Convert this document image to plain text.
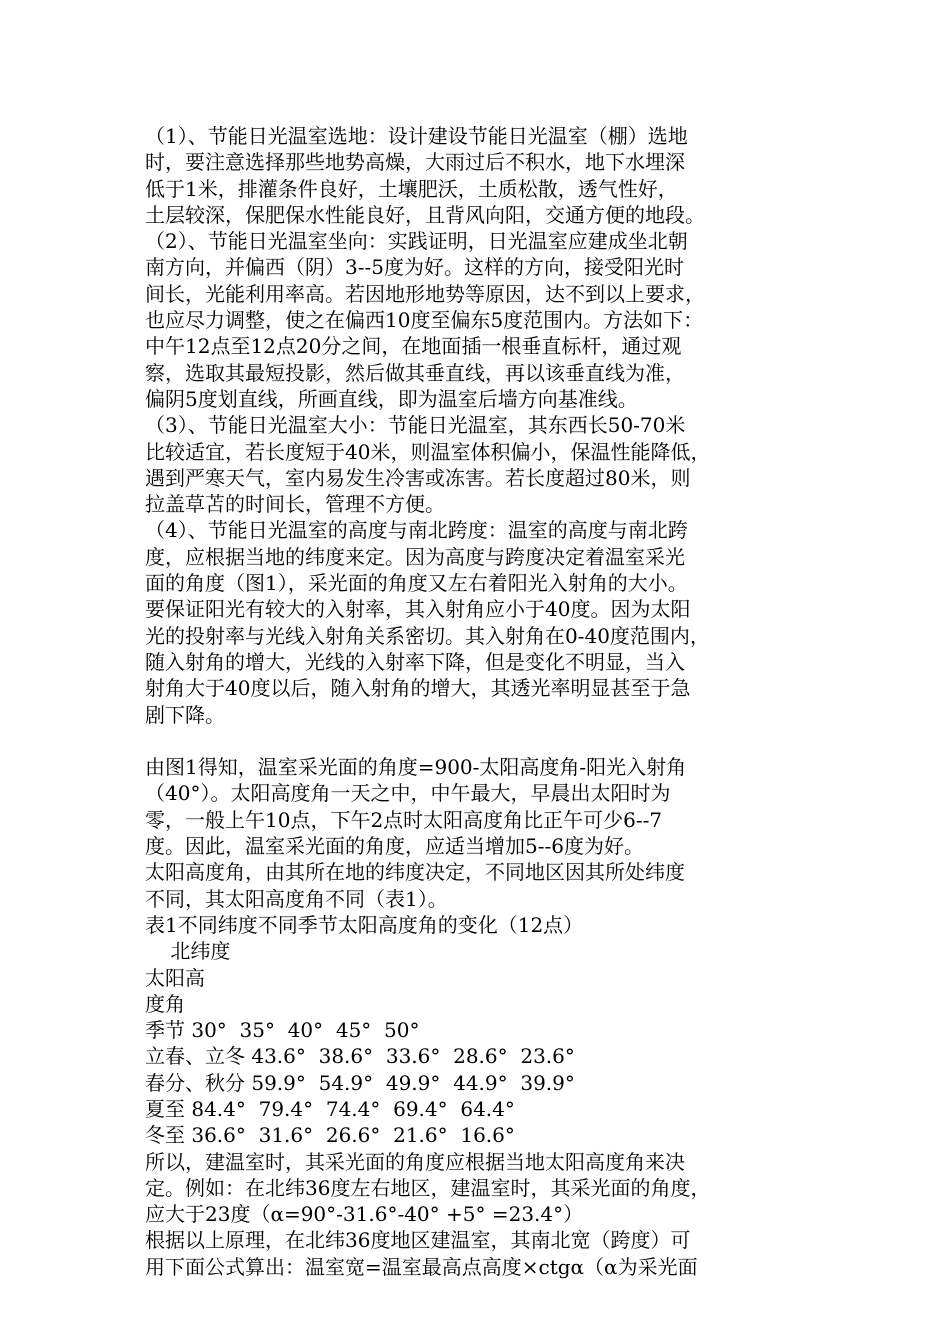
（1）、节能日光温室选地：设计建设节能日光温室（棚）选地
时，要注意选择那些地势高燥，大雨过后不积水，地下水埋深
低于1米，排灌条件良好，土壤肥沃，土质松散，透气性好，
土层较深，保肥保水性能良好，且背风向阳，交通方便的地段。
（2）、节能日光温室坐向：实践证明，日光温室应建成坐北朝
南方向，并偏西（阴）3--5度为好。这样的方向，接受阳光时
间长，光能利用率高。若因地形地势等原因，达不到以上要求，
也应尽力调整，使之在偏西10度至偏东5度范围内。方法如下：
中午12点至12点20分之间，在地面插一根垂直标杆，通过观
察，选取其最短投影，然后做其垂直线，再以该垂直线为准，
偏阴5度划直线，所画直线，即为温室后墙方向基准线。
（3）、节能日光温室大小：节能日光温室，其东西长50-70米
比较适宜，若长度短于40米，则温室体积偏小，保温性能降低，
遇到严寒天气，室内易发生冷害或冻害。若长度超过80米，则
拉盖草苫的时间长，管理不方便。
（4）、节能日光温室的高度与南北跨度：温室的高度与南北跨
度，应根据当地的纬度来定。因为高度与跨度决定着温室采光
面的角度（图1），采光面的角度又左右着阳光入射角的大小。
要保证阳光有较大的入射率，其入射角应小于40度。因为太阳
光的投射率与光线入射角关系密切。其入射角在0-40度范围内，
随入射角的增大，光线的入射率下降，但是变化不明显，当入
射角大于40度以后，随入射角的增大，其透光率明显甚至于急
剧下降。
由图1得知，温室采光面的角度=900-太阳高度角-阳光入射角
（40°）。太阳高度角一天之中，中午最大，早晨出太阳时为
零，一般上午10点，下午2点时太阳高度角比正午可少6--7
度。因此，温室采光面的角度，应适当增加5--6度为好。
太阳高度角，由其所在地的纬度决定，不同地区因其所处纬度
不同，其太阳高度角不同（表1）。
表1不同纬度不同季节太阳高度角的变化（12点）
北纬度
太阳高
度角
季节 30°  35°  40°  45°  50°
立春、立冬 43.6°  38.6°  33.6°  28.6°  23.6°
春分、秋分 59.9°  54.9°  49.9°  44.9°  39.9°
夏至 84.4°  79.4°  74.4°  69.4°  64.4°
冬至 36.6°  31.6°  26.6°  21.6°  16.6°
所以，建温室时，其采光面的角度应根据当地太阳高度角来决
定。例如：在北纬36度左右地区，建温室时，其采光面的角度，
应大于23度（α=90°-31.6°-40° +5° =23.4°）
根据以上原理，在北纬36度地区建温室，其南北宽（跨度）可
用下面公式算出：温室宽=温室最高点高度×ctgα（α为采光面
